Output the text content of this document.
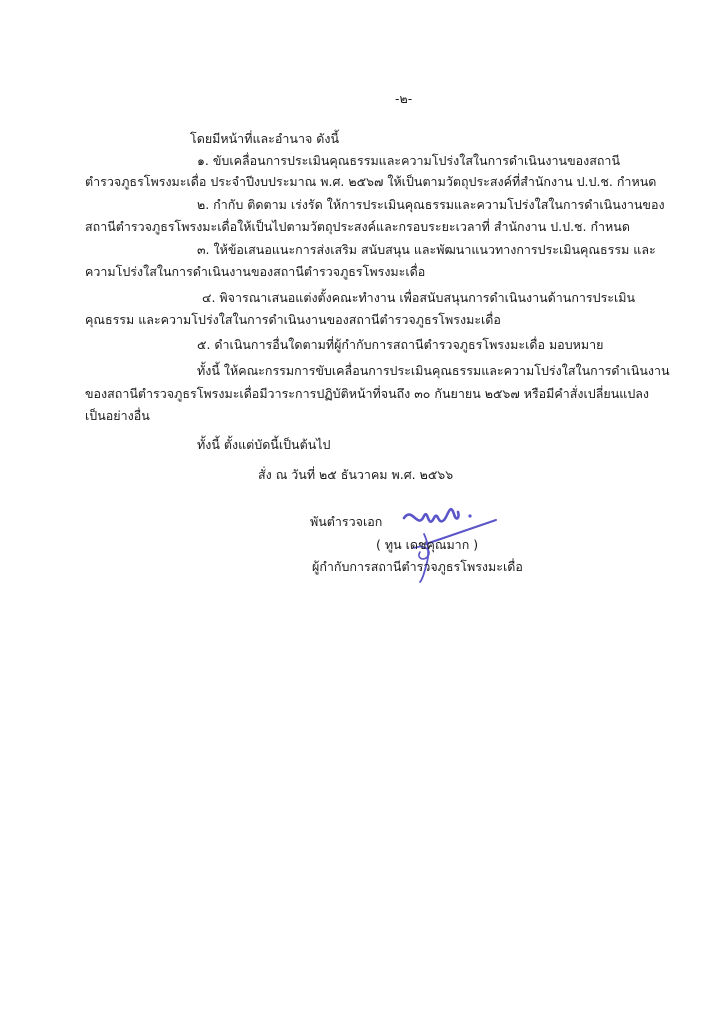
-๒-
โดยมีหน้าที่และอำนาจ ดังนี้
๑. ขับเคลื่อนการประเมินคุณธรรมและความโปร่งใสในการดำเนินงานของสถานี
ตำรวจภูธรโพรงมะเดื่อ ประจำปีงบประมาณ พ.ศ. ๒๕๖๗ ให้เป็นตามวัตถุประสงค์ที่สำนักงาน ป.ป.ช. กำหนด
๒. กำกับ ติดตาม เร่งรัด ให้การประเมินคุณธรรมและความโปร่งใสในการดำเนินงานของ
สถานีตำรวจภูธรโพรงมะเดื่อให้เป็นไปตามวัตถุประสงค์และกรอบระยะเวลาที่ สำนักงาน ป.ป.ช. กำหนด
๓. ให้ข้อเสนอแนะการส่งเสริม สนับสนุน และพัฒนาแนวทางการประเมินคุณธรรม และ
ความโปร่งใสในการดำเนินงานของสถานีตำรวจภูธรโพรงมะเดื่อ
๔. พิจารณาเสนอแต่งตั้งคณะทำงาน เพื่อสนับสนุนการดำเนินงานด้านการประเมิน
คุณธรรม และความโปร่งใสในการดำเนินงานของสถานีตำรวจภูธรโพรงมะเดื่อ
๕. ดำเนินการอื่นใดตามที่ผู้กำกับการสถานีตำรวจภูธรโพรงมะเดื่อ มอบหมาย
ทั้งนี้ ให้คณะกรรมการขับเคลื่อนการประเมินคุณธรรมและความโปร่งใสในการดำเนินงาน
ของสถานีตำรวจภูธรโพรงมะเดื่อมีวาระการปฏิบัติหน้าที่จนถึง ๓๐ กันยายน ๒๕๖๗ หรือมีคำสั่งเปลี่ยนแปลง
เป็นอย่างอื่น
ทั้งนี้ ตั้งแต่บัดนี้เป็นต้นไป
สั่ง ณ วันที่ ๒๕ ธันวาคม พ.ศ. ๒๕๖๖
พันตำรวจเอก
( ทูน เดชคุณมาก )
ผู้กำกับการสถานีตำรวจภูธรโพรงมะเดื่อ
